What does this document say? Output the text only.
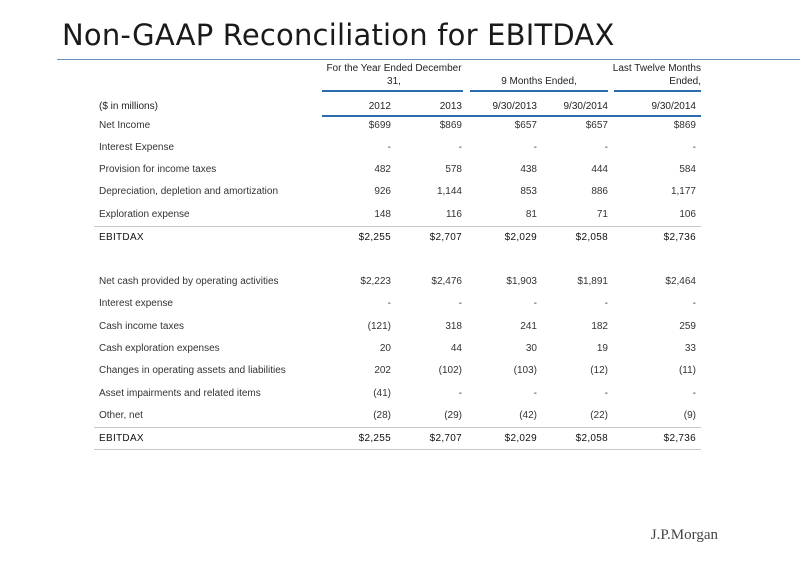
Non-GAAP Reconciliation for EBITDAX
For the Year Ended December
31,	9 Months Ended,
Last Twelve Months
Ended,
($ in millions)	2012	2013	9/30/2013	9/30/2014	9/30/2014
Net Income	$699	$869	$657	$657	$869
Interest Expense	-	-	-	-	-
Provision for income taxes	482	578	438	444	584
Depreciation, depletion and amortization	926	1,144	853	886	1,177
Exploration expense	148	116	81	71	106
EBITDAX	$2,255	$2,707	$2,029	$2,058	$2,736
Net cash provided by operating activities	$2,223	$2,476	$1,903	$1,891	$2,464
Interest expense	-	-	-	-	-
Cash income taxes	(121)	318	241	182	259
Cash exploration expenses	20	44	30	19	33
Changes in operating assets and liabilities	202	(102)	(103)	(12)	(11)
Asset impairments and related items	(41)	-	-	-	-
Other, net	(28)	(29)	(42)	(22)	(9)
EBITDAX	$2,255	$2,707	$2,029	$2,058	$2,736
J.P.Morgan
